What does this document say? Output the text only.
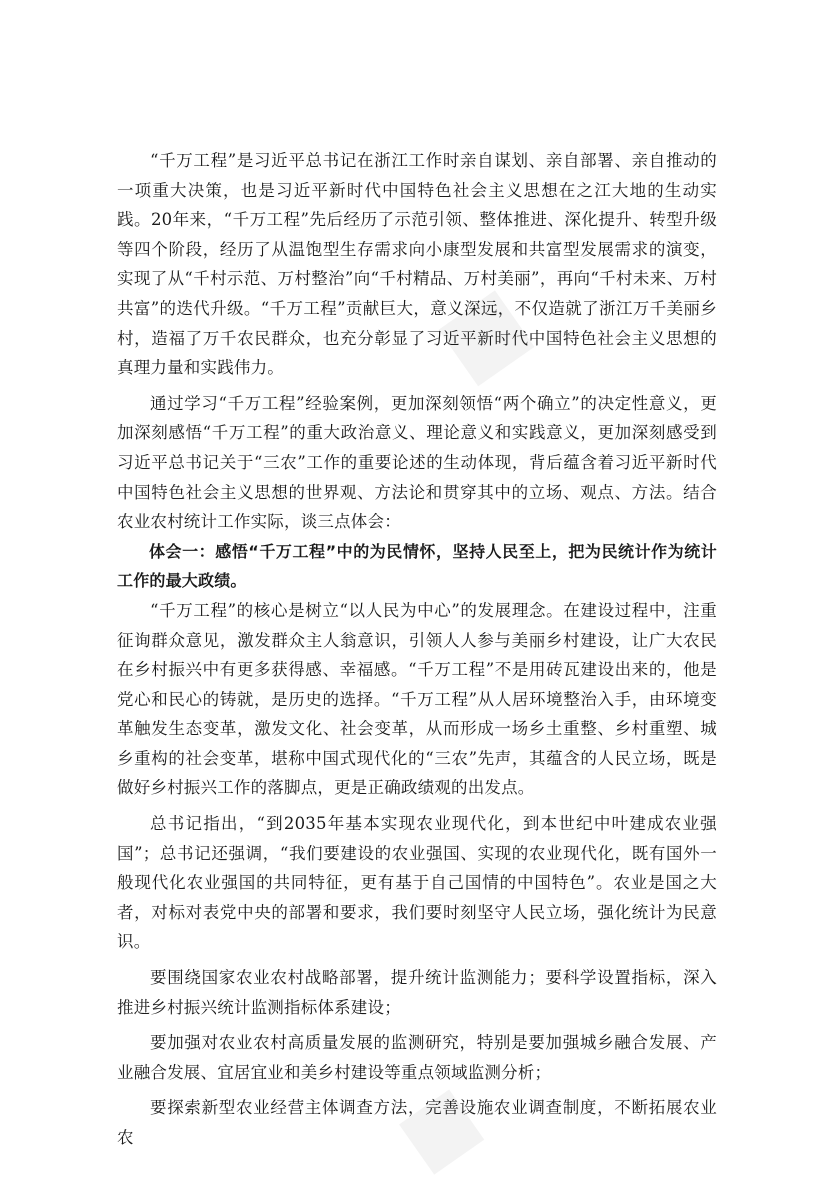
■
■

“千万工程”是习近平总书记在浙江工作时亲自谋划、亲自部署、亲自推动的一项重大决策，也是习近平新时代中国特色社会主义思想在之江大地的生动实践。20年来，“千万工程”先后经历了示范引领、整体推进、深化提升、转型升级等四个阶段，经历了从温饱型生存需求向小康型发展和共富型发展需求的演变，实现了从“千村示范、万村整治”向“千村精品、万村美丽”，再向“千村未来、万村共富”的迭代升级。“千万工程”贡献巨大，意义深远，不仅造就了浙江万千美丽乡村，造福了万千农民群众，也充分彰显了习近平新时代中国特色社会主义思想的真理力量和实践伟力。

通过学习“千万工程”经验案例，更加深刻领悟“两个确立”的决定性意义，更加深刻感悟“千万工程”的重大政治意义、理论意义和实践意义，更加深刻感受到习近平总书记关于“三农”工作的重要论述的生动体现，背后蕴含着习近平新时代中国特色社会主义思想的世界观、方法论和贯穿其中的立场、观点、方法。结合农业农村统计工作实际，谈三点体会：

体会一：感悟“千万工程”中的为民情怀，坚持人民至上，把为民统计作为统计工作的最大政绩。

“千万工程”的核心是树立“以人民为中心”的发展理念。在建设过程中，注重征询群众意见，激发群众主人翁意识，引领人人参与美丽乡村建设，让广大农民在乡村振兴中有更多获得感、幸福感。“千万工程”不是用砖瓦建设出来的，他是党心和民心的铸就，是历史的选择。“千万工程”从人居环境整治入手，由环境变革触发生态变革，激发文化、社会变革，从而形成一场乡土重整、乡村重塑、城乡重构的社会变革，堪称中国式现代化的“三农”先声，其蕴含的人民立场，既是做好乡村振兴工作的落脚点，更是正确政绩观的出发点。

总书记指出，“到2035年基本实现农业现代化，到本世纪中叶建成农业强国”；总书记还强调，“我们要建设的农业强国、实现的农业现代化，既有国外一般现代化农业强国的共同特征，更有基于自己国情的中国特色”。农业是国之大者，对标对表党中央的部署和要求，我们要时刻坚守人民立场，强化统计为民意识。

要围绕国家农业农村战略部署，提升统计监测能力；要科学设置指标，深入推进乡村振兴统计监测指标体系建设；

要加强对农业农村高质量发展的监测研究，特别是要加强城乡融合发展、产业融合发展、宜居宜业和美乡村建设等重点领域监测分析；

要探索新型农业经营主体调查方法，完善设施农业调查制度，不断拓展农业农
